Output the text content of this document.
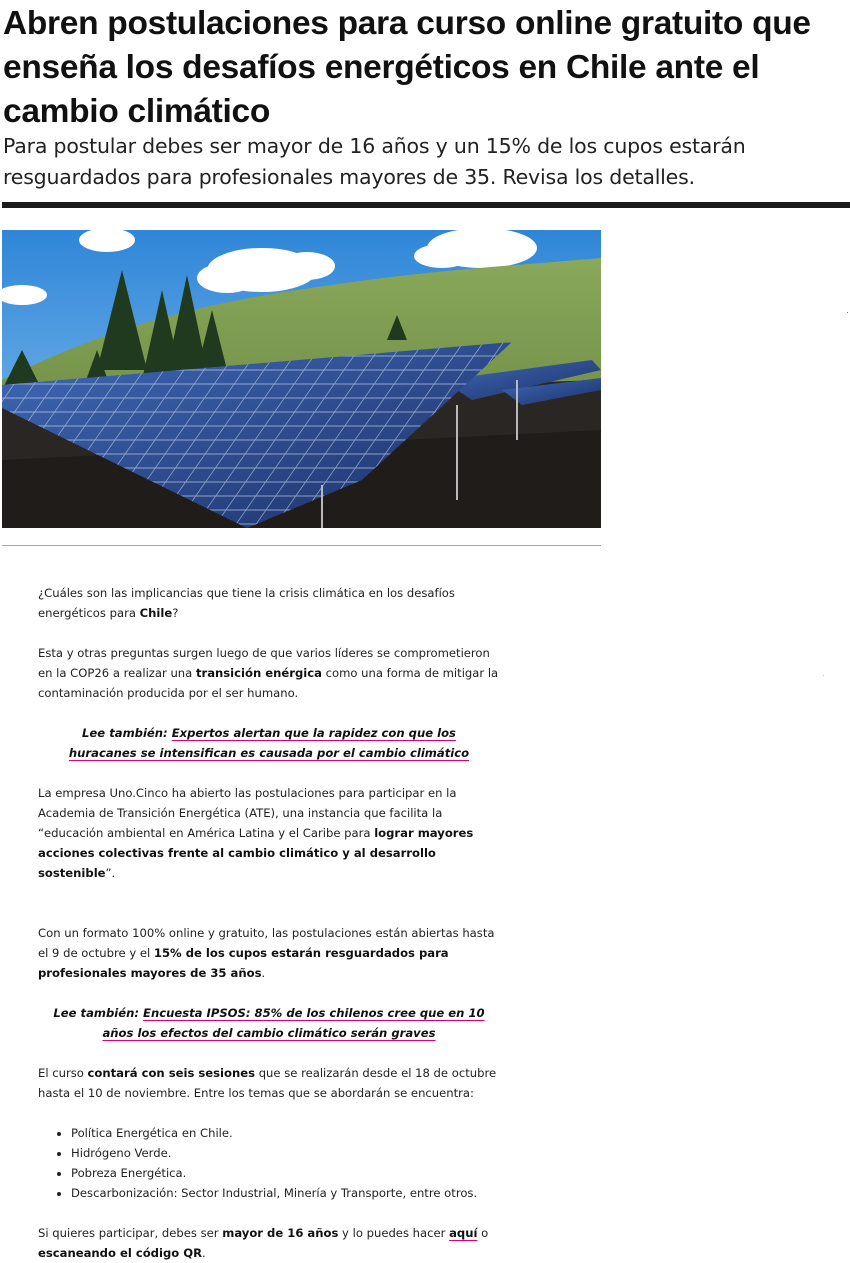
Abren postulaciones para curso online gratuito que enseña los desafíos energéticos en Chile ante el cambio climático

Para postular debes ser mayor de 16 años y un 15% de los cupos estarán resguardados para profesionales mayores de 35. Revisa los detalles.

¿Cuáles son las implicancias que tiene la crisis climática en los desafíos energéticos para Chile?

Esta y otras preguntas surgen luego de que varios líderes se comprometieron en la COP26 a realizar una transición enérgica como una forma de mitigar la contaminación producida por el ser humano.

Lee también: Expertos alertan que la rapidez con que los huracanes se intensifican es causada por el cambio climático

La empresa Uno.Cinco ha abierto las postulaciones para participar en la Academia de Transición Energética (ATE), una instancia que facilita la “educación ambiental en América Latina y el Caribe para lograr mayores acciones colectivas frente al cambio climático y al desarrollo sostenible”.

Con un formato 100% online y gratuito, las postulaciones están abiertas hasta el 9 de octubre y el 15% de los cupos estarán resguardados para profesionales mayores de 35 años.

Lee también: Encuesta IPSOS: 85% de los chilenos cree que en 10 años los efectos del cambio climático serán graves

El curso contará con seis sesiones que se realizarán desde el 18 de octubre hasta el 10 de noviembre. Entre los temas que se abordarán se encuentra:

• Política Energética en Chile.
• Hidrógeno Verde.
• Pobreza Energética.
• Descarbonización: Sector Industrial, Minería y Transporte, entre otros.

Si quieres participar, debes ser mayor de 16 años y lo puedes hacer aquí o escaneando el código QR.
